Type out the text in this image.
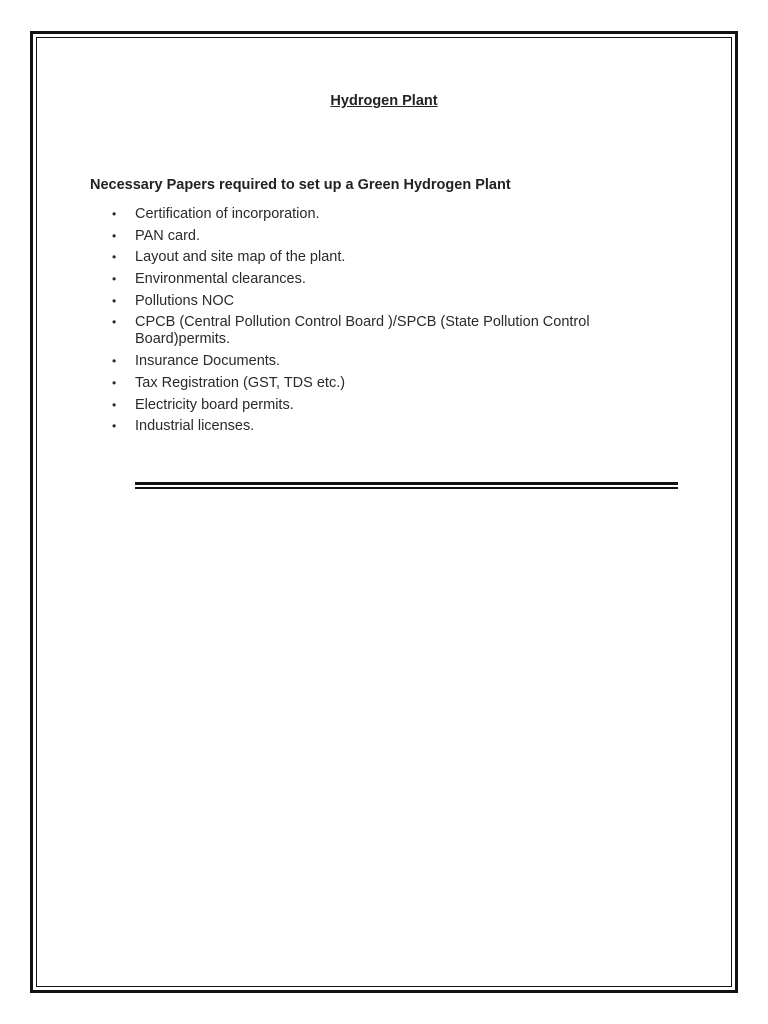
Hydrogen Plant
Necessary Papers required to set up a Green Hydrogen Plant
• Certification of incorporation.
• PAN card.
• Layout and site map of the plant.
• Environmental clearances.
• Pollutions NOC
• CPCB (Central Pollution Control Board )/SPCB (State Pollution Control Board)permits.
• Insurance Documents.
• Tax Registration (GST, TDS etc.)
• Electricity board permits.
• Industrial licenses.
